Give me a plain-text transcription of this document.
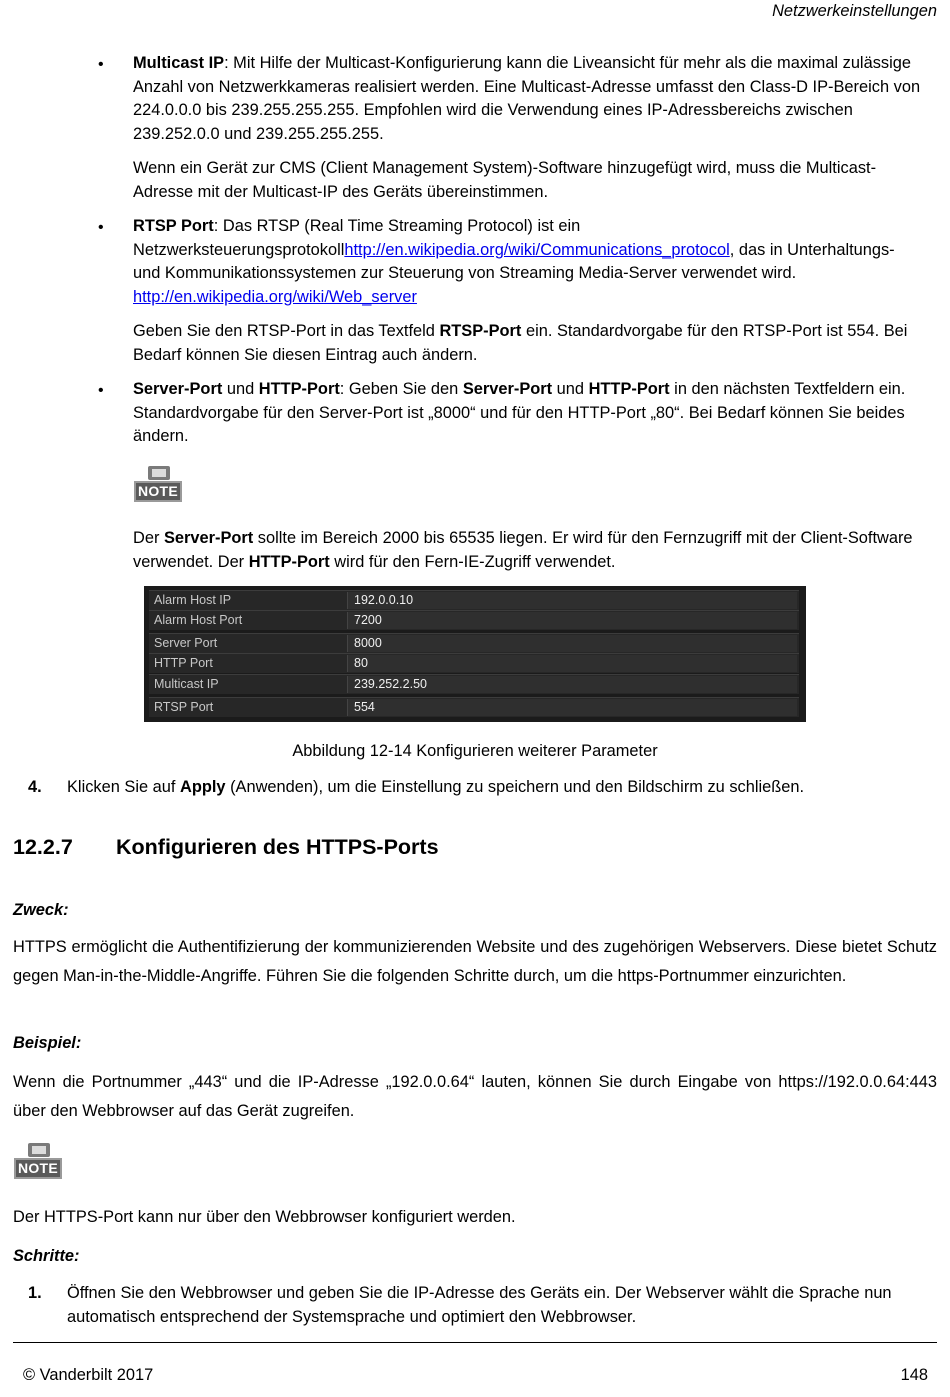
Netzwerkeinstellungen
• Multicast IP: Mit Hilfe der Multicast-Konfigurierung kann die Liveansicht für mehr als die maximal zulässige Anzahl von Netzwerkkameras realisiert werden. Eine Multicast-Adresse umfasst den Class-D IP-Bereich von 224.0.0.0 bis 239.255.255.255. Empfohlen wird die Verwendung eines IP-Adressbereichs zwischen 239.252.0.0 und 239.255.255.255.
Wenn ein Gerät zur CMS (Client Management System)-Software hinzugefügt wird, muss die Multicast-Adresse mit der Multicast-IP des Geräts übereinstimmen.
• RTSP Port: Das RTSP (Real Time Streaming Protocol) ist ein Netzwerksteuerungsprotokollhttp://en.wikipedia.org/wiki/Communications_protocol, das in Unterhaltungs- und Kommunikationssystemen zur Steuerung von Streaming Media-Server verwendet wird. http://en.wikipedia.org/wiki/Web_server
Geben Sie den RTSP-Port in das Textfeld RTSP-Port ein. Standardvorgabe für den RTSP-Port ist 554. Bei Bedarf können Sie diesen Eintrag auch ändern.
• Server-Port und HTTP-Port: Geben Sie den Server-Port und HTTP-Port in den nächsten Textfeldern ein. Standardvorgabe für den Server-Port ist „8000“ und für den HTTP-Port „80“. Bei Bedarf können Sie beides ändern.
NOTE
Der Server-Port sollte im Bereich 2000 bis 65535 liegen. Er wird für den Fernzugriff mit der Client-Software verwendet. Der HTTP-Port wird für den Fern-IE-Zugriff verwendet.
Alarm Host IP	192.0.0.10
Alarm Host Port	7200
Server Port	8000
HTTP Port	80
Multicast IP	239.252.2.50
RTSP Port	554
Abbildung 12-14 Konfigurieren weiterer Parameter
4. Klicken Sie auf Apply (Anwenden), um die Einstellung zu speichern und den Bildschirm zu schließen.
12.2.7 Konfigurieren des HTTPS-Ports
Zweck:
HTTPS ermöglicht die Authentifizierung der kommunizierenden Website und des zugehörigen Webservers. Diese bietet Schutz gegen Man-in-the-Middle-Angriffe. Führen Sie die folgenden Schritte durch, um die https-Portnummer einzurichten.
Beispiel:
Wenn die Portnummer „443“ und die IP-Adresse „192.0.0.64“ lauten, können Sie durch Eingabe von https://192.0.0.64:443 über den Webbrowser auf das Gerät zugreifen.
NOTE
Der HTTPS-Port kann nur über den Webbrowser konfiguriert werden.
Schritte:
1. Öffnen Sie den Webbrowser und geben Sie die IP-Adresse des Geräts ein. Der Webserver wählt die Sprache nun automatisch entsprechend der Systemsprache und optimiert den Webbrowser.
© Vanderbilt 2017	148
